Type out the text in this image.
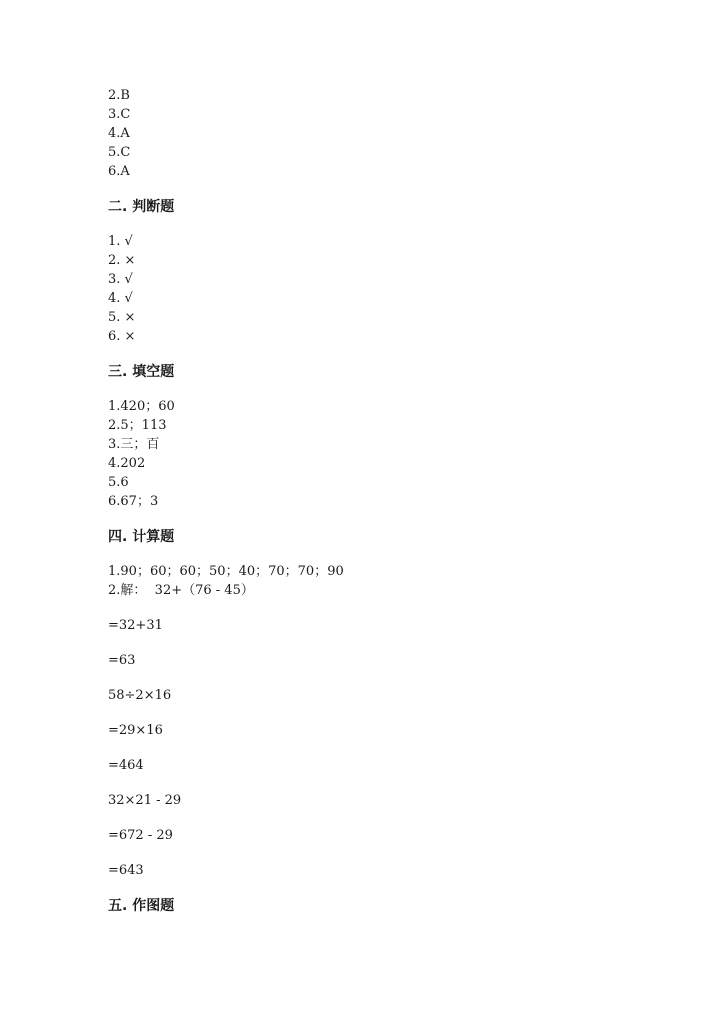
2.B
3.C
4.A
5.C
6.A
二. 判断题
1. √
2. ×
3. √
4. √
5. ×
6. ×
三. 填空题
1.420；60
2.5；113
3.三；百
4.202
5.6
6.67；3
四. 计算题
1.90；60；60；50；40；70；70；90
2.解：  32+（76 - 45）
=32+31
=63
58÷2×16
=29×16
=464
32×21 - 29
=672 - 29
=643
五. 作图题
